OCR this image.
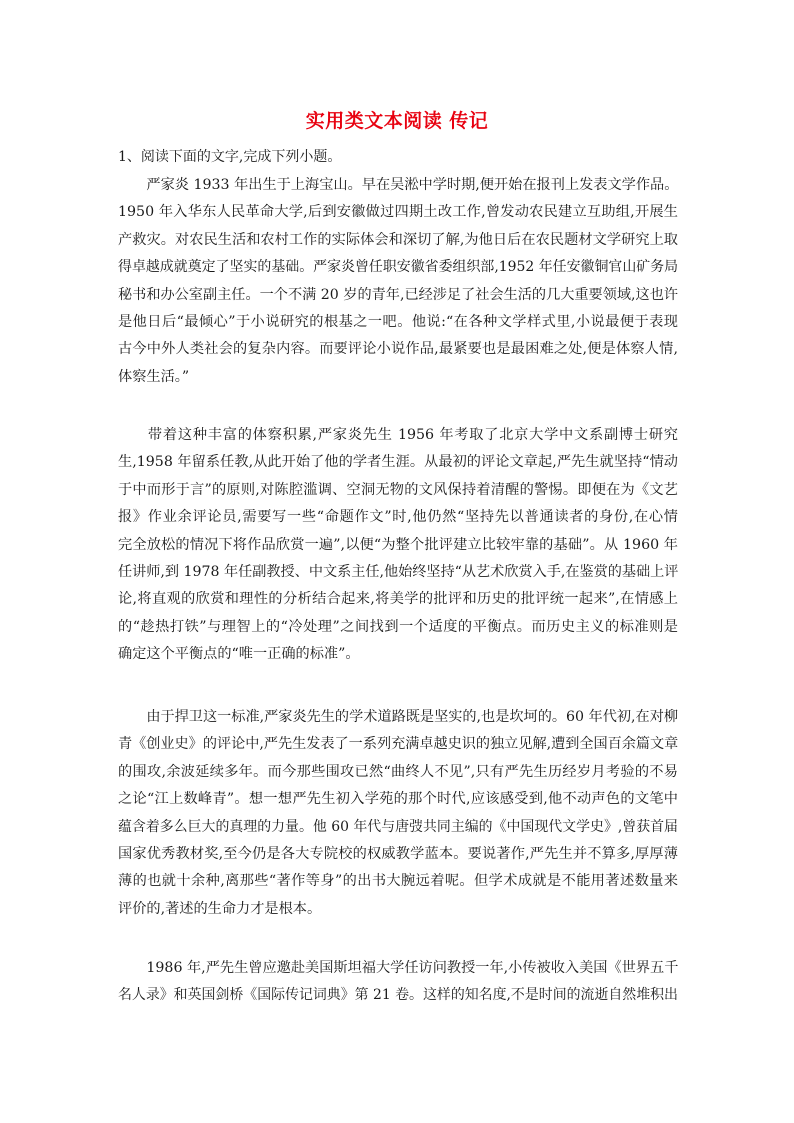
实用类文本阅读 传记

1、阅读下面的文字,完成下列小题。

　　严家炎 1933 年出生于上海宝山。早在吴淞中学时期,便开始在报刊上发表文学作品。
1950 年入华东人民革命大学,后到安徽做过四期土改工作,曾发动农民建立互助组,开展生
产救灾。对农民生活和农村工作的实际体会和深切了解,为他日后在农民题材文学研究上取
得卓越成就奠定了坚实的基础。严家炎曾任职安徽省委组织部,1952 年任安徽铜官山矿务局
秘书和办公室副主任。一个不满 20 岁的青年,已经涉足了社会生活的几大重要领域,这也许
是他日后“最倾心”于小说研究的根基之一吧。他说:“在各种文学样式里,小说最便于表现
古今中外人类社会的复杂内容。而要评论小说作品,最紧要也是最困难之处,便是体察人情,
体察生活。”
　　带着这种丰富的体察积累,严家炎先生 1956 年考取了北京大学中文系副博士研究
生,1958 年留系任教,从此开始了他的学者生涯。从最初的评论文章起,严先生就坚持“情动
于中而形于言”的原则,对陈腔滥调、空洞无物的文风保持着清醒的警惕。即便在为《文艺
报》作业余评论员,需要写一些“命题作文”时,他仍然“坚持先以普通读者的身份,在心情
完全放松的情况下将作品欣赏一遍”,以便“为整个批评建立比较牢靠的基础”。从 1960 年
任讲师,到 1978 年任副教授、中文系主任,他始终坚持“从艺术欣赏入手,在鉴赏的基础上评
论,将直观的欣赏和理性的分析结合起来,将美学的批评和历史的批评统一起来”,在情感上
的“趁热打铁”与理智上的“冷处理”之间找到一个适度的平衡点。而历史主义的标准则是
确定这个平衡点的“唯一正确的标准”。
　　由于捍卫这一标准,严家炎先生的学术道路既是坚实的,也是坎坷的。60 年代初,在对柳
青《创业史》的评论中,严先生发表了一系列充满卓越史识的独立见解,遭到全国百余篇文章
的围攻,余波延续多年。而今那些围攻已然“曲终人不见”,只有严先生历经岁月考验的不易
之论“江上数峰青”。想一想严先生初入学苑的那个时代,应该感受到,他不动声色的文笔中
蕴含着多么巨大的真理的力量。他 60 年代与唐弢共同主编的《中国现代文学史》,曾获首届
国家优秀教材奖,至今仍是各大专院校的权威教学蓝本。要说著作,严先生并不算多,厚厚薄
薄的也就十余种,离那些“著作等身”的出书大腕远着呢。但学术成就是不能用著述数量来
评价的,著述的生命力才是根本。
　　1986 年,严先生曾应邀赴美国斯坦福大学任访问教授一年,小传被收入美国《世界五千
名人录》和英国剑桥《国际传记词典》第 21 卷。这样的知名度,不是时间的流逝自然堆积出
